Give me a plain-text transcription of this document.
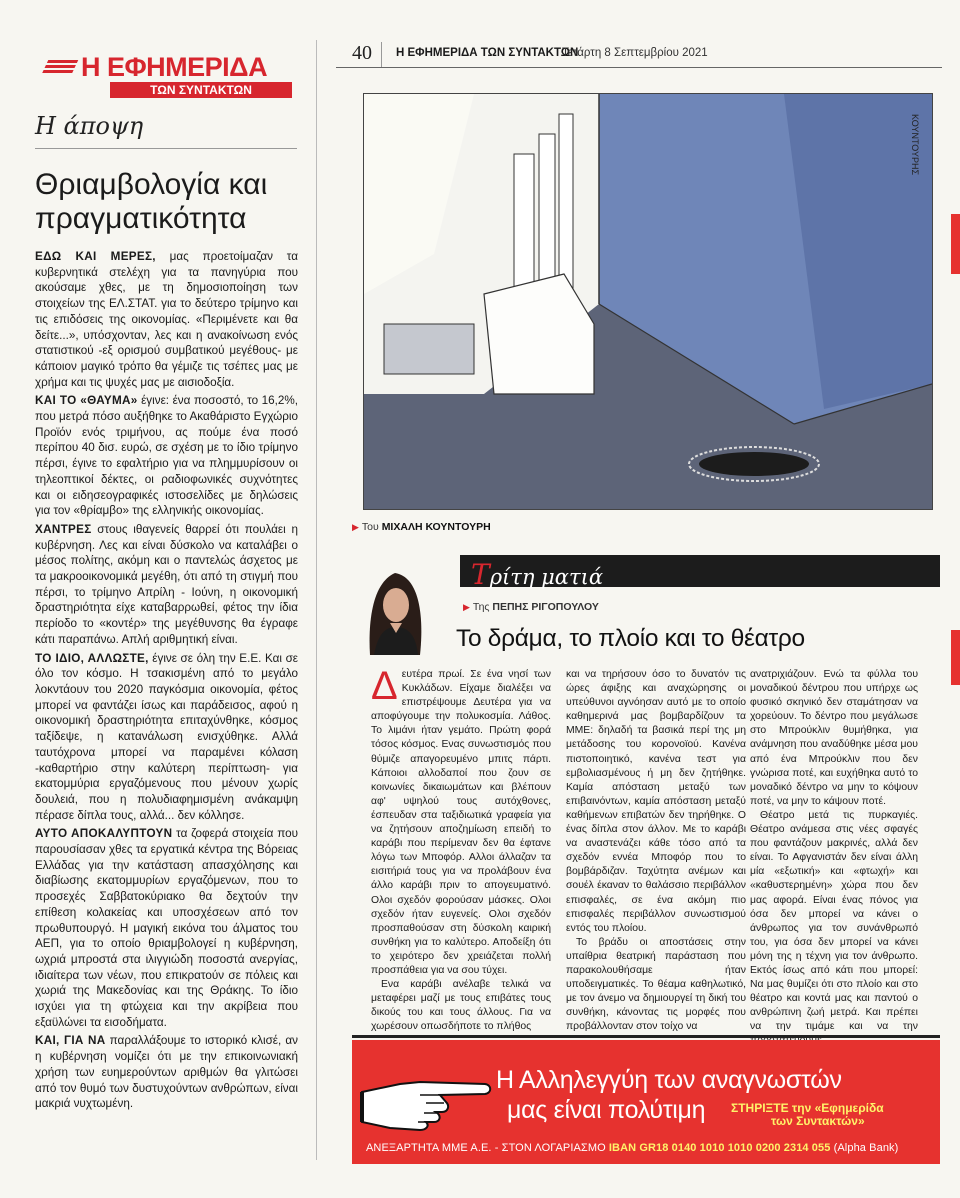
Η ΕΦΗΜΕΡΙΔΑ
ΤΩΝ ΣΥΝΤΑΚΤΩΝ
Η άποψη
Θριαμβολογία και πραγματικότητα

ΕΔΩ ΚΑΙ ΜΕΡΕΣ, μας προετοίμαζαν τα κυβερνητικά στελέχη για τα πανηγύρια που ακούσαμε χθες, με τη δημοσιοποίηση των στοιχείων της ΕΛ.ΣΤΑΤ. για το δεύτερο τρίμηνο και τις επιδόσεις της οικονομίας. «Περιμένετε και θα δείτε...», υπόσχονταν, λες και η ανακοίνωση ενός στατιστικού -εξ ορισμού συμβατικού μεγέθους- με κάποιον μαγικό τρόπο θα γέμιζε τις τσέπες μας με χρήμα και τις ψυχές μας με αισιοδοξία.

ΚΑΙ ΤΟ «ΘΑΥΜΑ» έγινε: ένα ποσοστό, το 16,2%, που μετρά πόσο αυξήθηκε το Ακαθάριστο Εγχώριο Προϊόν ενός τριμήνου, ας πούμε ένα ποσό περίπου 40 δισ. ευρώ, σε σχέση με το ίδιο τρίμηνο πέρσι, έγινε το εφαλτήριο για να πλημμυρίσουν οι τηλεοπτικοί δέκτες, οι ραδιοφωνικές συχνότητες και οι ειδησεογραφικές ιστοσελίδες με δηλώσεις για τον «θρίαμβο» της ελληνικής οικονομίας.

ΧΑΝΤΡΕΣ στους ιθαγενείς θαρρεί ότι πουλάει η κυβέρνηση. Λες και είναι δύσκολο να καταλάβει ο μέσος πολίτης, ακόμη και ο παντελώς άσχετος με τα μακροοικονομικά μεγέθη, ότι από τη στιγμή που πέρσι, το τρίμηνο Απρίλη - Ιούνη, η οικονομική δραστηριότητα είχε καταβαρρωθεί, φέτος την ίδια περίοδο το «κοντέρ» της μεγέθυνσης θα έγραφε κάτι παραπάνω. Απλή αριθμητική είναι.

ΤΟ ΙΔΙΟ, ΑΛΛΩΣΤΕ, έγινε σε όλη την Ε.Ε. Και σε όλο τον κόσμο. Η τσακισμένη από το μεγάλο λοκντάουν του 2020 παγκόσμια οικονομία, φέτος μπορεί να φαντάζει ίσως και παράδεισος, αφού η οικονομική δραστηριότητα επιταχύνθηκε, κόσμος ταξίδεψε, η κατανάλωση ενισχύθηκε. Αλλά ταυτόχρονα μπορεί να παραμένει κόλαση -καθαρτήριο στην καλύτερη περίπτωση- για εκατομμύρια εργαζόμενους που μένουν χωρίς δουλειά, που η πολυδιαφημισμένη ανάκαμψη πέρασε δίπλα τους, αλλά... δεν κόλλησε.

ΑΥΤΟ ΑΠΟΚΑΛΥΠΤΟΥΝ τα ζοφερά στοιχεία που παρουσίασαν χθες τα εργατικά κέντρα της Βόρειας Ελλάδας για την κατάσταση απασχόλησης και διαβίωσης εκατομμυρίων εργαζόμενων, που το προσεχές Σαββατοκύριακο θα δεχτούν την επίθεση κολακείας και υποσχέσεων από τον πρωθυπουργό. Η μαγική εικόνα του άλματος του ΑΕΠ, για το οποίο θριαμβολογεί η κυβέρνηση, ωχριά μπροστά στα ιλιγγιώδη ποσοστά ανεργίας, ιδιαίτερα των νέων, που επικρατούν σε πόλεις και χωριά της Μακεδονίας και της Θράκης. Το ίδιο ισχύει για τη φτώχεια και την ακρίβεια που εξαϋλώνει τα εισοδήματα.

ΚΑΙ, ΓΙΑ ΝΑ παραλλάξουμε το ιστορικό κλισέ, αν η κυβέρνηση νομίζει ότι με την επικοινωνιακή χρήση των ευημερούντων αριθμών θα γλιτώσει από τον θυμό των δυστυχούντων ανθρώπων, είναι μακριά νυχτωμένη.

40 Η ΕΦΗΜΕΡΙΔΑ ΤΩΝ ΣΥΝΤΑΚΤΩΝ
Τετάρτη 8 Σεπτεμβρίου 2021
ΚΟΥΝΤΟΥΡΗΣ
▶ Του ΜΙΧΑΛΗ ΚΟΥΝΤΟΥΡΗ
Τρίτη ματιά
▶ Της ΠΕΠΗΣ ΡΙΓΟΠΟΥΛΟΥ
Το δράμα, το πλοίο και το θέατρο

Δευτέρα πρωί. Σε ένα νησί των Κυκλάδων. Είχαμε διαλέξει να επιστρέψουμε Δευτέρα για να αποφύγουμε την πολυκοσμία. Λάθος. Το λιμάνι ήταν γεμάτο. Πρώτη φορά τόσος κόσμος. Ενας συνωστισμός που θύμιζε απαγορευμένο μπιτς πάρτι. Κάποιοι αλλοδαποί που ζουν σε κοινωνίες δικαιωμάτων και βλέπουν αφ' υψηλού τους αυτόχθονες, έσπευδαν στα ταξιδιωτικά γραφεία για να ζητήσουν αποζημίωση επειδή το καράβι που περίμεναν δεν θα έφτανε λόγω των Μποφόρ. Αλλοι άλλαζαν τα εισιτήριά τους για να προλάβουν ένα άλλο καράβι πριν το απογευματινό. Ολοι σχεδόν φορούσαν μάσκες. Ολοι σχεδόν ήταν ευγενείς. Ολοι σχεδόν προσπαθούσαν στη δύσκολη καιρική συνθήκη για το καλύτερο. Αποδείξη ότι το χειρότερο δεν χρειάζεται πολλή προσπάθεια για να σου τύχει.

Ενα καράβι ανέλαβε τελικά να μεταφέρει μαζί με τους επιβάτες τους δικούς του και τους άλλους. Για να χωρέσουν οπωσδήποτε το πλήθος

και να τηρήσουν όσο το δυνατόν τις ώρες άφιξης και αναχώρησης οι υπεύθυνοι αγνόησαν αυτό με το οποίο καθημερινά μας βομβαρδίζουν τα ΜΜΕ: δηλαδή τα βασικά περί της μη μετάδοσης του κορονοϊού. Κανένα πιστοποιητικό, κανένα τεστ για εμβολιασμένους ή μη δεν ζητήθηκε. Καμία απόσταση μεταξύ των επιβαινόντων, καμία απόσταση μεταξύ καθήμενων επιβατών δεν τηρήθηκε. Ο ένας δίπλα στον άλλον. Με το καράβι να αναστενάζει κάθε τόσο από τα σχεδόν εννέα Μποφόρ που το βομβάρδιζαν. Ταχύτητα ανέμων και σουέλ έκαναν το θαλάσσιο περιβάλλον επισφαλές, σε ένα ακόμη πιο επισφαλές περιβάλλον συνωστισμού εντός του πλοίου.

Το βράδυ οι αποστάσεις στην υπαίθρια θεατρική παράσταση που παρακολουθήσαμε ήταν υποδειγματικές. Το θέαμα καθηλωτικό, με τον άνεμο να δημιουργεί τη δική του συνθήκη, κάνοντας τις μορφές που προβάλλονταν στον τοίχο να

ανατριχιάζουν. Ενώ τα φύλλα του μοναδικού δέντρου που υπήρχε ως φυσικό σκηνικό δεν σταμάτησαν να χορεύουν. Το δέντρο που μεγάλωσε στο Μπρούκλιν θυμήθηκα, για ανάμνηση που αναδύθηκε μέσα μου από ένα Μπρούκλιν που δεν γνώρισα ποτέ, και ευχήθηκα αυτό το μοναδικό δέντρο να μην το κόψουν ποτέ, να μην το κάψουν ποτέ.

Θέατρο μετά τις πυρκαγιές. Θέατρο ανάμεσα στις νέες σφαγές που φαντάζουν μακρινές, αλλά δεν είναι. Το Αφγανιστάν δεν είναι άλλη μία «εξωτική» και «φτωχή» και «καθυστερημένη» χώρα που δεν μας αφορά. Είναι ένας πόνος για όσα δεν μπορεί να κάνει ο άνθρωπος για τον συνάνθρωπό του, για όσα δεν μπορεί να κάνει μόνη της η τέχνη για τον άνθρωπο. Εκτός ίσως από κάτι που μπορεί: Να μας θυμίζει ότι στο πλοίο και στο θέατρο και κοντά μας και παντού ο ανθρώπινη ζωή μετρά. Και πρέπει να την τιμάμε και να την

Η Αλληλεγγύη των αναγνωστών
μας είναι πολύτιμη ΣΤΗΡΙΞΤΕ την «Εφημερίδα
των Συντακτών»
ΑΝΕΞΑΡΤΗΤΑ ΜΜΕ Α.Ε. - ΣΤΟΝ ΛΟΓΑΡΙΑΣΜΟ IBAN GR18 0140 1010 1010 0200 2314 055 (Alpha Bank)
